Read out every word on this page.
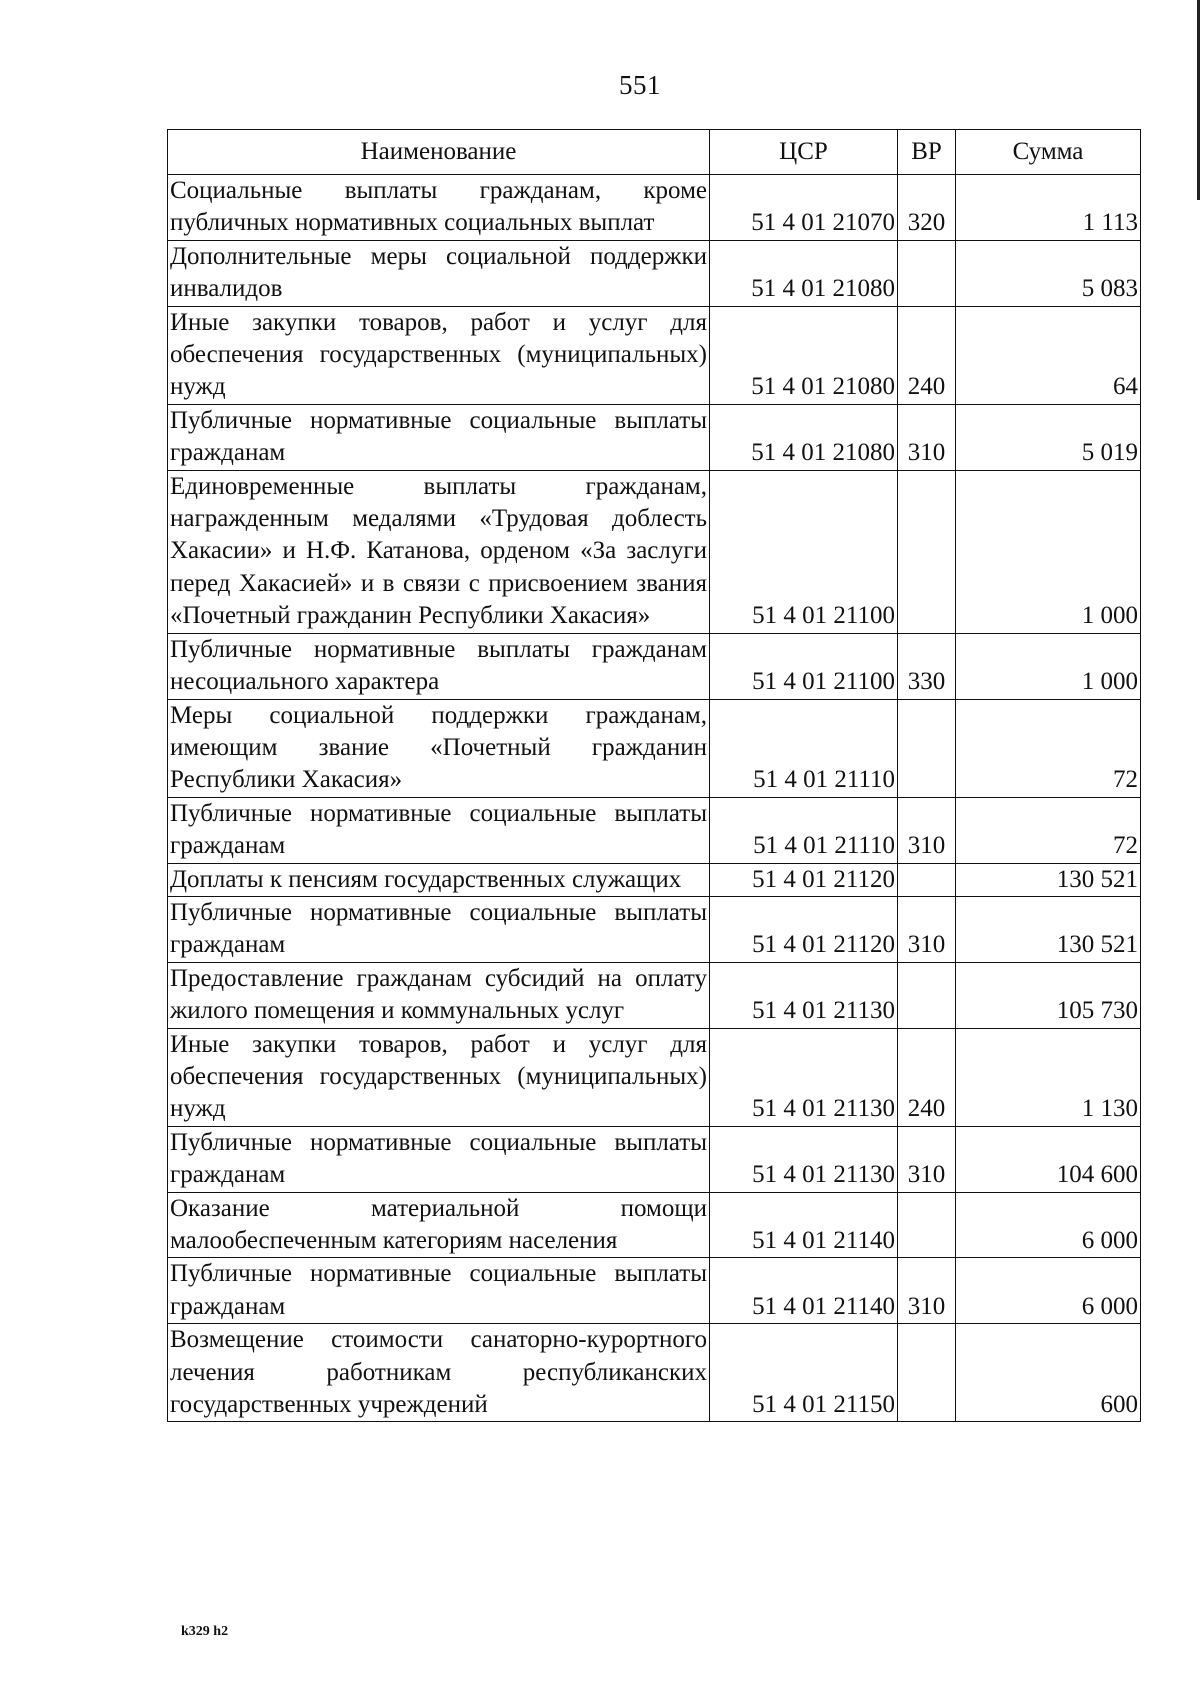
551
Наименование	ЦСР	ВР	Сумма
Социальные выплаты гражданам, кроме публичных нормативных социальных выплат	51 4 01 21070	320	1 113
Дополнительные меры социальной поддержки инвалидов	51 4 01 21080		5 083
Иные закупки товаров, работ и услуг для обеспечения государственных (муниципальных) нужд	51 4 01 21080	240	64
Публичные нормативные социальные выплаты гражданам	51 4 01 21080	310	5 019
Единовременные выплаты гражданам, награжденным медалями «Трудовая доблесть Хакасии» и Н.Ф. Катанова, орденом «За заслуги перед Хакасией» и в связи с присвоением звания «Почетный гражданин Республики Хакасия»	51 4 01 21100		1 000
Публичные нормативные выплаты гражданам несоциального характера	51 4 01 21100	330	1 000
Меры социальной поддержки гражданам, имеющим звание «Почетный гражданин Республики Хакасия»	51 4 01 21110		72
Публичные нормативные социальные выплаты гражданам	51 4 01 21110	310	72
Доплаты к пенсиям государственных служащих	51 4 01 21120		130 521
Публичные нормативные социальные выплаты гражданам	51 4 01 21120	310	130 521
Предоставление гражданам субсидий на оплату жилого помещения и коммунальных услуг	51 4 01 21130		105 730
Иные закупки товаров, работ и услуг для обеспечения государственных (муниципальных) нужд	51 4 01 21130	240	1 130
Публичные нормативные социальные выплаты гражданам	51 4 01 21130	310	104 600
Оказание материальной помощи малообеспеченным категориям населения	51 4 01 21140		6 000
Публичные нормативные социальные выплаты гражданам	51 4 01 21140	310	6 000
Возмещение стоимости санаторно-курортного лечения работникам республиканских государственных учреждений	51 4 01 21150		600
k329 h2
